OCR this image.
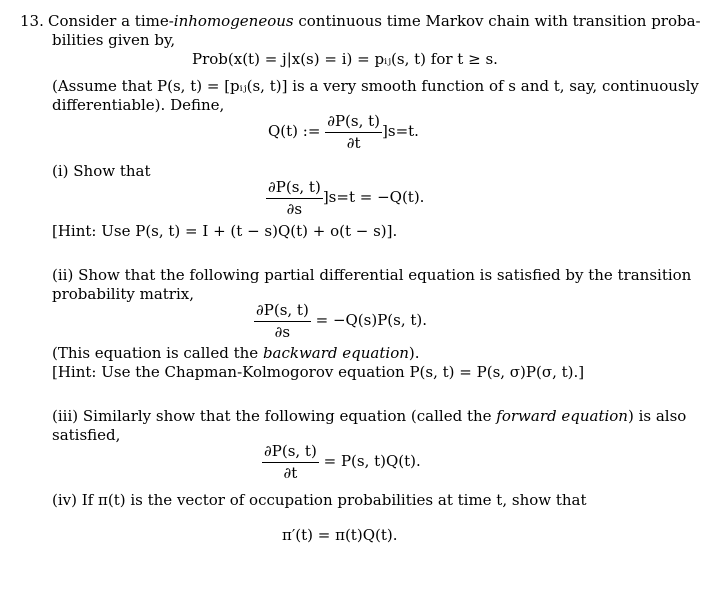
13. Consider a time-inhomogeneous continuous time Markov chain with transition proba-
bilities given by,
Prob(x(t) = j|x(s) = i) = pᵢⱼ(s, t) for t ≥ s.
(Assume that P(s, t) = [pᵢⱼ(s, t)] is a very smooth function of s and t, say, continuously
differentiable). Define,
Q(t) := $\frac{\partial P(s, t)}{\partial t} ]s=t$.
(i) Show that
$\frac{\partial P(s, t)}{\partial s} ]s=t = -Q(t)$.
[Hint: Use P(s, t) = I + (t − s)Q(t) + o(t − s)].
(ii) Show that the following partial differential equation is satisfied by the transition
probability matrix,
$\frac{\partial P(s, t)}{\partial s} = -Q(s)P(s$, t).
(This equation is called the backward equation).
[Hint: Use the Chapman-Kolmogorov equation P(s, t) = P(s, σ)P(σ, t).]
(iii) Similarly show that the following equation (called the forward equation) is also
satisfied,
$\frac{\partial P(s, t)}{\partial t} = P(s$, t)Q(t).
(iv) If π(t) is the vector of occupation probabilities at time t, show that
π′(t) = π(t)Q(t).
